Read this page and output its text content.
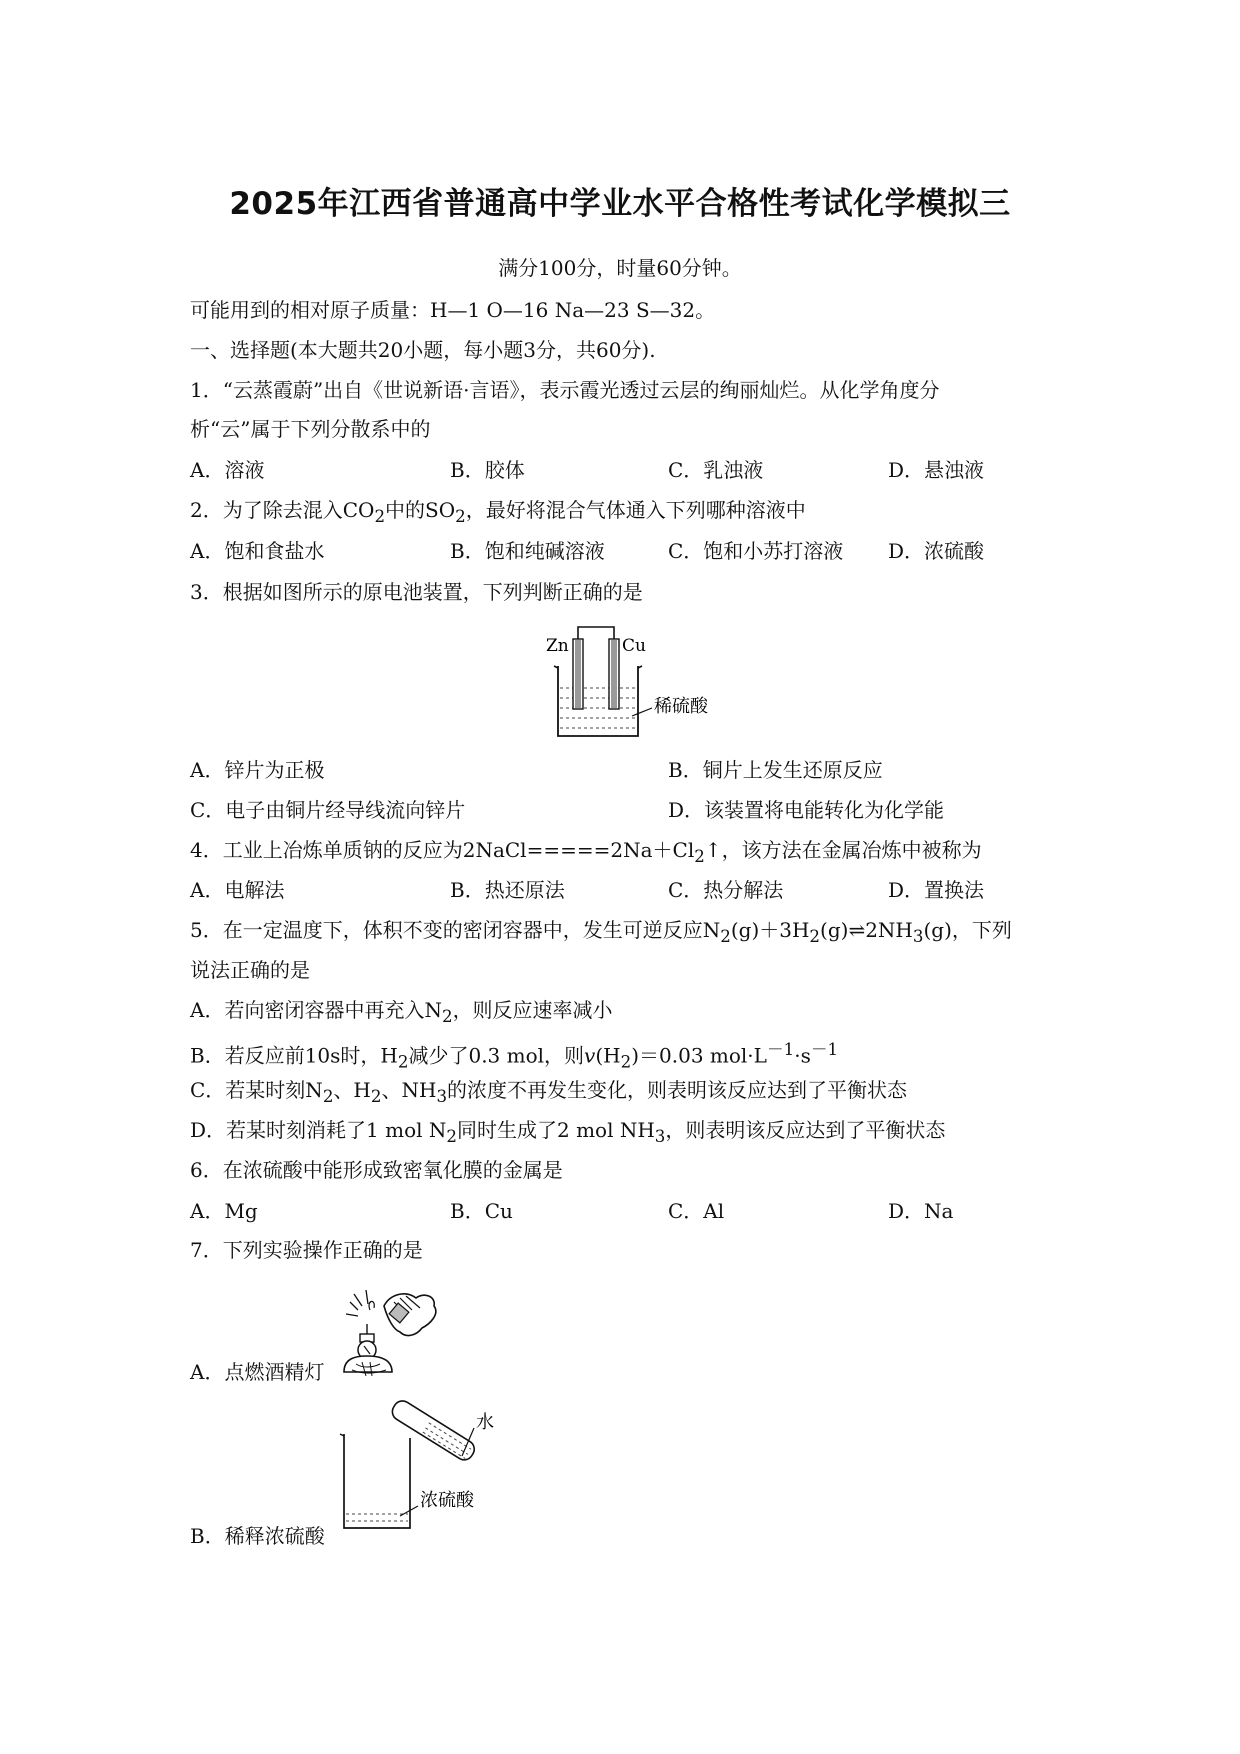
2025年江西省普通高中学业水平合格性考试化学模拟三
满分100分，时量60分钟。
可能用到的相对原子质量：H—1 O—16 Na—23 S—32。
一、选择题(本大题共20小题，每小题3分，共60分).
1．“云蒸霞蔚”出自《世说新语·言语》，表示霞光透过云层的绚丽灿烂。从化学角度分
析“云”属于下列分散系中的
A．溶液	B．胶体	C．乳浊液	D．悬浊液
2．为了除去混入$CO_2$中的$SO_2$，最好将混合气体通入下列哪种溶液中
A．饱和食盐水	B．饱和纯碱溶液	C．饱和小苏打溶液 D．浓硫酸
3．根据如图所示的原电池装置，下列判断正确的是
Zn	Cu
稀硫酸
A．锌片为正极	B．铜片上发生还原反应
C．电子由铜片经导线流向锌片	D．该装置将电能转化为化学能
4．工业上冶炼单质钠的反应为$2NaCl=====2Na+Cl_2↑$，该方法在金属冶炼中被称为
A．电解法	B．热还原法	C．热分解法	D．置换法
5．在一定温度下，体积不变的密闭容器中，发生可逆反应$N_2(g)+3H_2(g)\rightleftharpoons 2NH_3(g)$，下列
说法正确的是
A．若向密闭容器中再充入$N_2$，则反应速率减小
B．若反应前10s时，$H_2$减少了0.3 mol，则$v(H_2)=0.03$ $mol\cdot L^{-1}\cdot s^{-1}$
C．若某时刻$N_2$、$H_2$、$NH_3$的浓度不再发生变化，则表明该反应达到了平衡状态
D．若某时刻消耗了1 mol $N_2$同时生成了2 mol $NH_3$，则表明该反应达到了平衡状态
6．在浓硫酸中能形成致密氧化膜的金属是
A．Mg	B．Cu	C．Al	D．Na
7．下列实验操作正确的是
A．点燃酒精灯
B．稀释浓硫酸
水
浓硫酸
